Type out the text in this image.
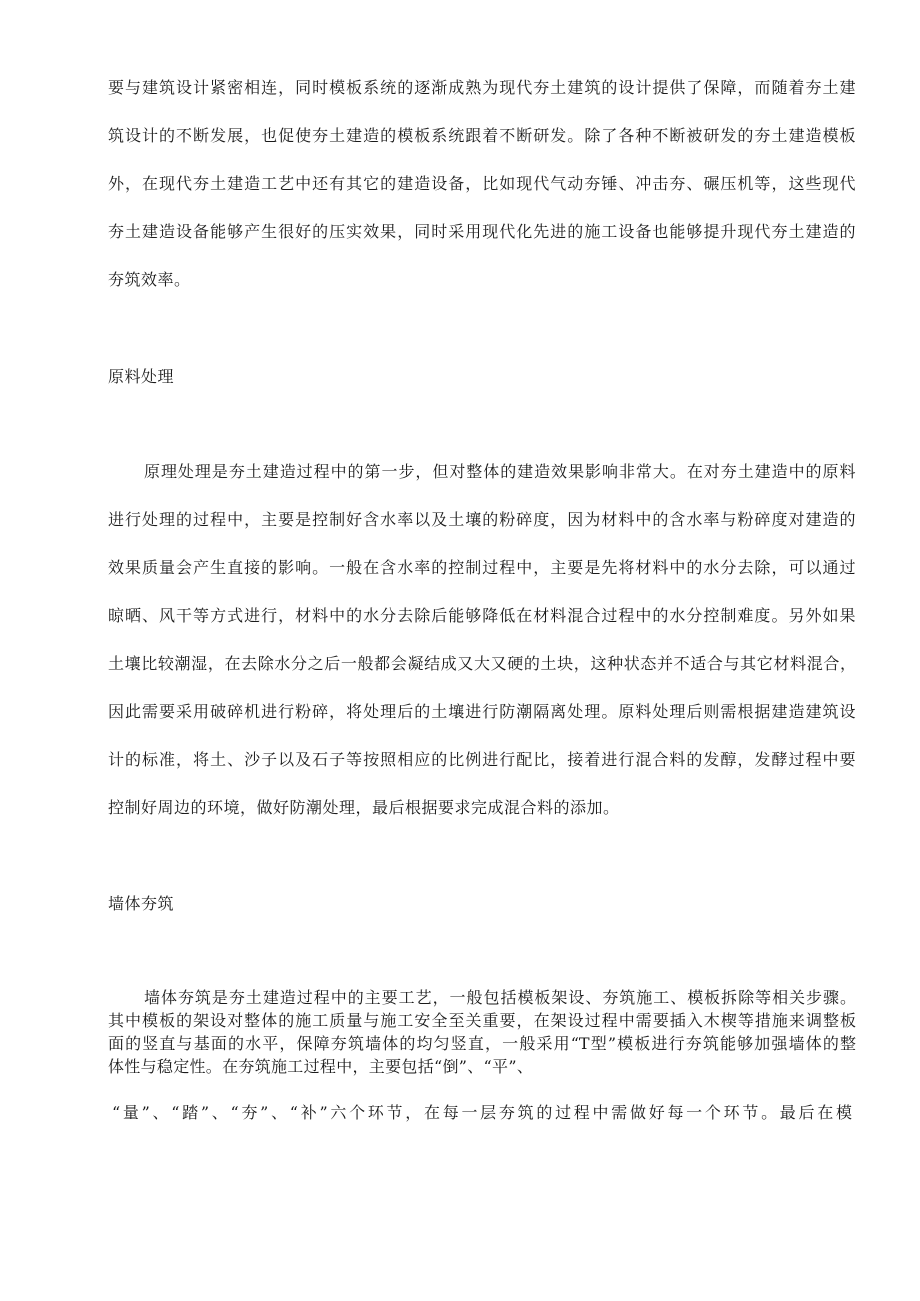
要与建筑设计紧密相连，同时模板系统的逐渐成熟为现代夯土建筑的设计提供了保障，而随着夯土建
筑设计的不断发展，也促使夯土建造的模板系统跟着不断研发。除了各种不断被研发的夯土建造模板
外，在现代夯土建造工艺中还有其它的建造设备，比如现代气动夯锤、冲击夯、碾压机等，这些现代
夯土建造设备能够产生很好的压实效果，同时采用现代化先进的施工设备也能够提升现代夯土建造的
夯筑效率。
原料处理
原理处理是夯土建造过程中的第一步，但对整体的建造效果影响非常大。在对夯土建造中的原料
进行处理的过程中，主要是控制好含水率以及土壤的粉碎度，因为材料中的含水率与粉碎度对建造的
效果质量会产生直接的影响。一般在含水率的控制过程中，主要是先将材料中的水分去除，可以通过
晾晒、风干等方式进行，材料中的水分去除后能够降低在材料混合过程中的水分控制难度。另外如果
土壤比较潮湿，在去除水分之后一般都会凝结成又大又硬的土块，这种状态并不适合与其它材料混合，
因此需要采用破碎机进行粉碎，将处理后的土壤进行防潮隔离处理。原料处理后则需根据建造建筑设
计的标准，将土、沙子以及石子等按照相应的比例进行配比，接着进行混合料的发醇，发酵过程中要
控制好周边的环境，做好防潮处理，最后根据要求完成混合料的添加。
墙体夯筑
墙体夯筑是夯土建造过程中的主要工艺，一般包括模板架设、夯筑施工、模板拆除等相关步骤。
其中模板的架设对整体的施工质量与施工安全至关重要，在架设过程中需要插入木楔等措施来调整板
面的竖直与基面的水平，保障夯筑墙体的均匀竖直，一般采用“T型”模板进行夯筑能够加强墙体的整
体性与稳定性。在夯筑施工过程中，主要包括“倒”、“平”、
“量”、“踏”、“夯”、“补”六个环节，在每一层夯筑的过程中需做好每一个环节。最后在模
